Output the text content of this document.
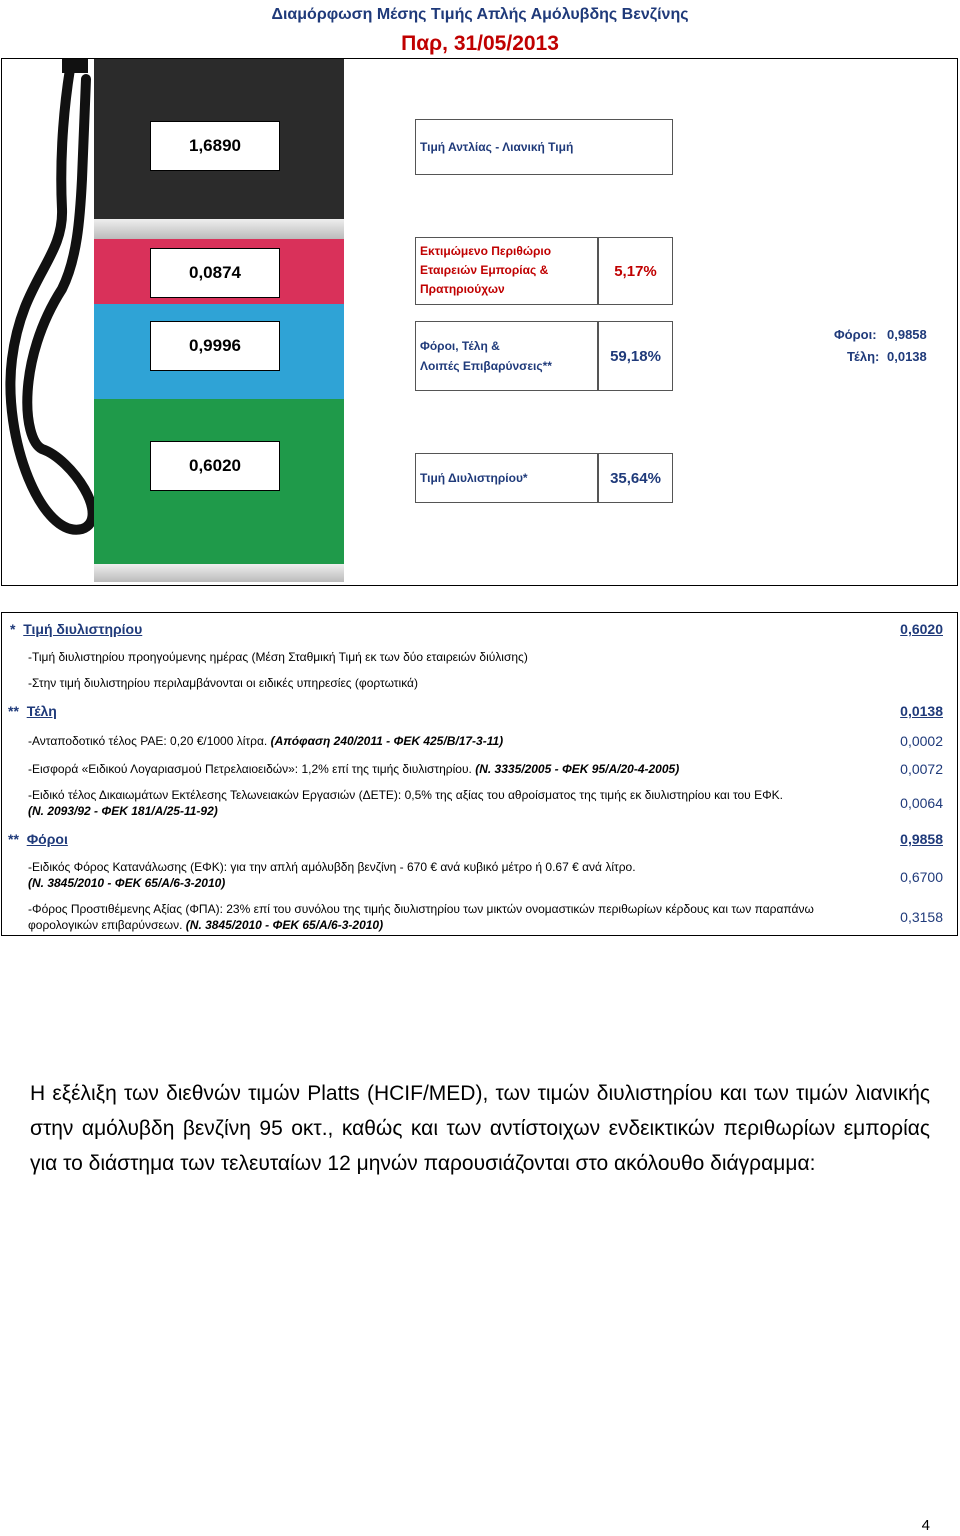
Διαμόρφωση Μέσης Τιμής Απλής Αμόλυβδης Βενζίνης
Παρ, 31/05/2013
1,6890
0,0874
0,9996
0,6020
Τιμή Αντλίας - Λιανική Τιμή
Εκτιμώμενο Περιθώριο
Εταιρειών Εμπορίας &
Πρατηριούχων
5,17%
Φόροι, Τέλη &
Λοιπές Επιβαρύνσεις**
59,18%
Τιμή Διυλιστηρίου*	35,64%
Φόροι: 0,9858
Τέλη: 0,0138
* Τιμή διυλιστηρίου	0,6020
-Τιμή διυλιστηρίου προηγούμενης ημέρας (Μέση Σταθμική Τιμή εκ των δύο εταιρειών διύλισης)
-Στην τιμή διυλιστηρίου περιλαμβάνονται οι ειδικές υπηρεσίες (φορτωτικά)
** Τέλη	0,0138
-Ανταποδοτικό τέλος ΡΑΕ: 0,20 €/1000 λίτρα. (Απόφαση 240/2011 - ΦΕΚ 425/Β/17-3-11)	0,0002
-Εισφορά «Ειδικού Λογαριασμού Πετρελαιοειδών»: 1,2% επί της τιμής διυλιστηρίου. (Ν. 3335/2005 - ΦΕΚ 95/Α/20-4-2005)	0,0072
-Ειδικό τέλος Δικαιωμάτων Εκτέλεσης Τελωνειακών Εργασιών (ΔΕΤΕ): 0,5% της αξίας του αθροίσματος της τιμής εκ διυλιστηρίου και του ΕΦΚ.
(Ν. 2093/92 - ΦΕΚ 181/Α/25-11-92)	0,0064
** Φόροι	0,9858
-Ειδικός Φόρος Κατανάλωσης (ΕΦΚ): για την απλή αμόλυβδη βενζίνη - 670 € ανά κυβικό μέτρο ή 0.67 € ανά λίτρο.
(Ν. 3845/2010 - ΦΕΚ 65/Α/6-3-2010)	0,6700
-Φόρος Προστιθέμενης Αξίας (ΦΠΑ): 23% επί του συνόλου της τιμής διυλιστηρίου των μικτών ονομαστικών περιθωρίων κέρδους και των παραπάνω φορολογικών επιβαρύνσεων. (Ν. 3845/2010 - ΦΕΚ 65/Α/6-3-2010)	0,3158
Η εξέλιξη των διεθνών τιμών Platts (HCIF/MED), των τιμών διυλιστηρίου και των τιμών λιανικής στην αμόλυβδη βενζίνη 95 οκτ., καθώς και των αντίστοιχων ενδεικτικών περιθωρίων εμπορίας για το διάστημα των τελευταίων 12 μηνών παρουσιάζονται στο ακόλουθο διάγραμμα:
4
